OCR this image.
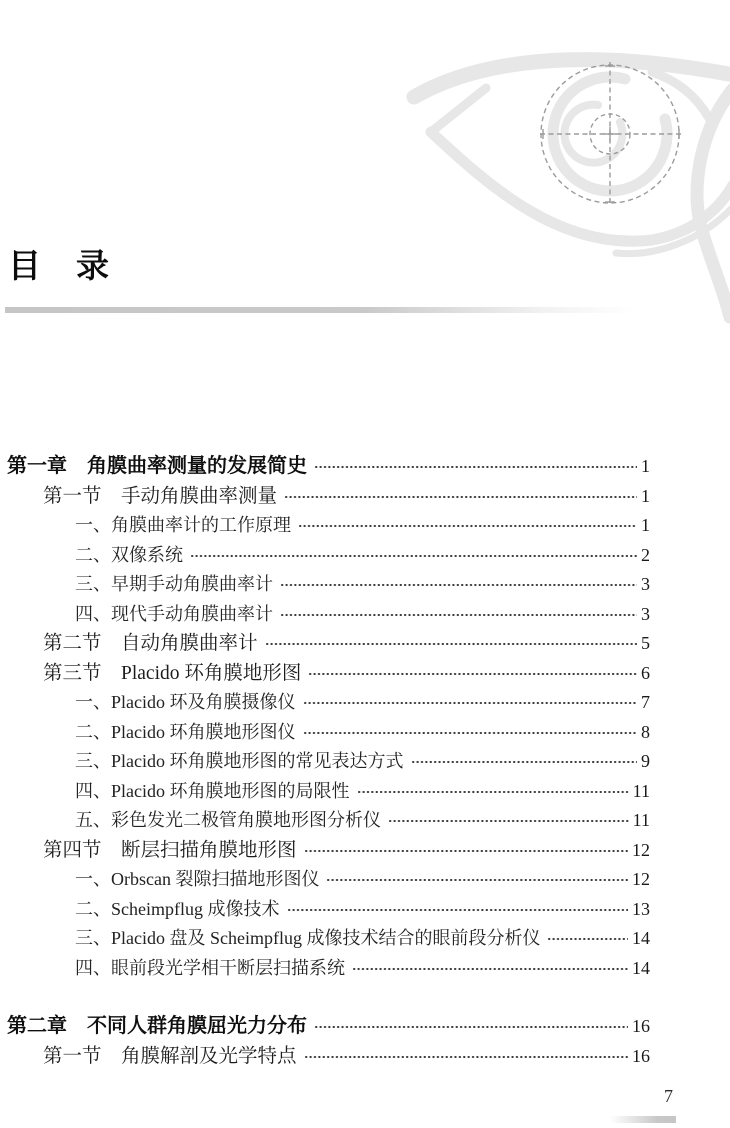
目　录
第一章　角膜曲率测量的发展简史	1
第一节　手动角膜曲率测量	1
一、角膜曲率计的工作原理	1
二、双像系统	2
三、早期手动角膜曲率计	3
四、现代手动角膜曲率计	3
第二节　自动角膜曲率计	5
第三节　Placido 环角膜地形图	6
一、Placido 环及角膜摄像仪	7
二、Placido 环角膜地形图仪	8
三、Placido 环角膜地形图的常见表达方式	9
四、Placido 环角膜地形图的局限性	11
五、彩色发光二极管角膜地形图分析仪	11
第四节　断层扫描角膜地形图	12
一、Orbscan 裂隙扫描地形图仪	12
二、Scheimpflug 成像技术	13
三、Placido 盘及 Scheimpflug 成像技术结合的眼前段分析仪	14
四、眼前段光学相干断层扫描系统	14
第二章　不同人群角膜屈光力分布	16
第一节　角膜解剖及光学特点	16
7
